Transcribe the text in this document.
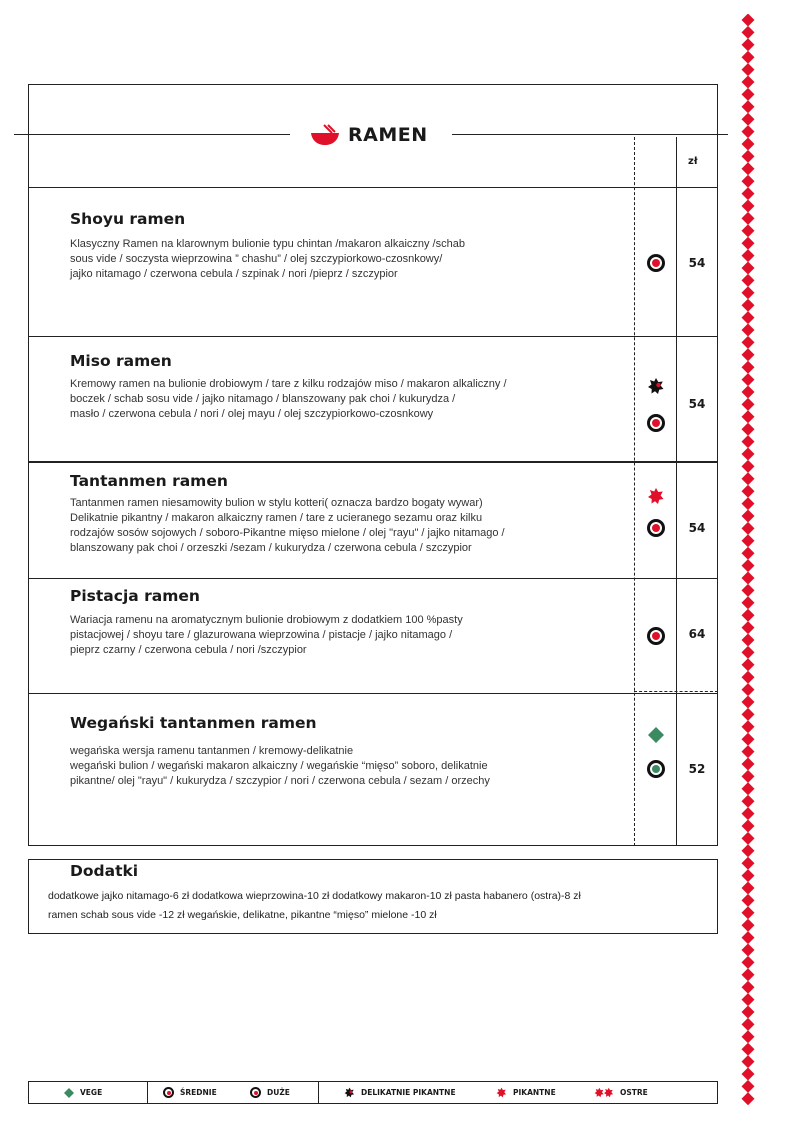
RAMEN
zł
Shoyu ramen
Klasyczny Ramen na klarownym bulionie typu chintan /makaron alkaiczny /schab
sous vide / soczysta wieprzowina ” chashu” / olej szczypiorkowo-czosnkowy/
jajko nitamago / czerwona cebula / szpinak / nori /pieprz / szczypior
54
Miso ramen
Kremowy ramen na bulionie drobiowym / tare z kilku rodzajów miso / makaron alkaliczny /
boczek / schab sosu vide / jajko nitamago / blanszowany pak choi / kukurydza /
masło / czerwona cebula / nori / olej mayu / olej szczypiorkowo-czosnkowy
54
Tantanmen ramen
Tantanmen ramen niesamowity bulion w stylu kotteri( oznacza bardzo bogaty wywar)
Delikatnie pikantny / makaron alkaiczny ramen / tare z ucieranego sezamu oraz kilku
rodzajów sosów sojowych / soboro-Pikantne mięso mielone / olej "rayu" / jajko nitamago /
blanszowany pak choi / orzeszki /sezam / kukurydza / czerwona cebula / szczypior
54
Pistacja ramen
Wariacja ramenu na aromatycznym bulionie drobiowym z dodatkiem 100 %pasty
pistacjowej / shoyu tare / glazurowana wieprzowina / pistacje / jajko nitamago /
pieprz czarny / czerwona cebula / nori /szczypior
64
Wegański tantanmen ramen
wegańska wersja ramenu tantanmen / kremowy-delikatnie
wegański bulion / wegański makaron alkaiczny / wegańskie “mięso” soboro, delikatnie
pikantne/ olej "rayu" / kukurydza / szczypior / nori / czerwona cebula / sezam / orzechy
52
Dodatki
dodatkowe jajko nitamago-6 zł dodatkowa wieprzowina-10 zł dodatkowy makaron-10 zł pasta habanero (ostra)-8 zł
ramen schab sous vide -12 zł wegańskie, delikatne, pikantne “mięso” mielone -10 zł
VEGE	ŚREDNIE	DUŻE	DELIKATNIE PIKANTNE	PIKANTNE	OSTRE
